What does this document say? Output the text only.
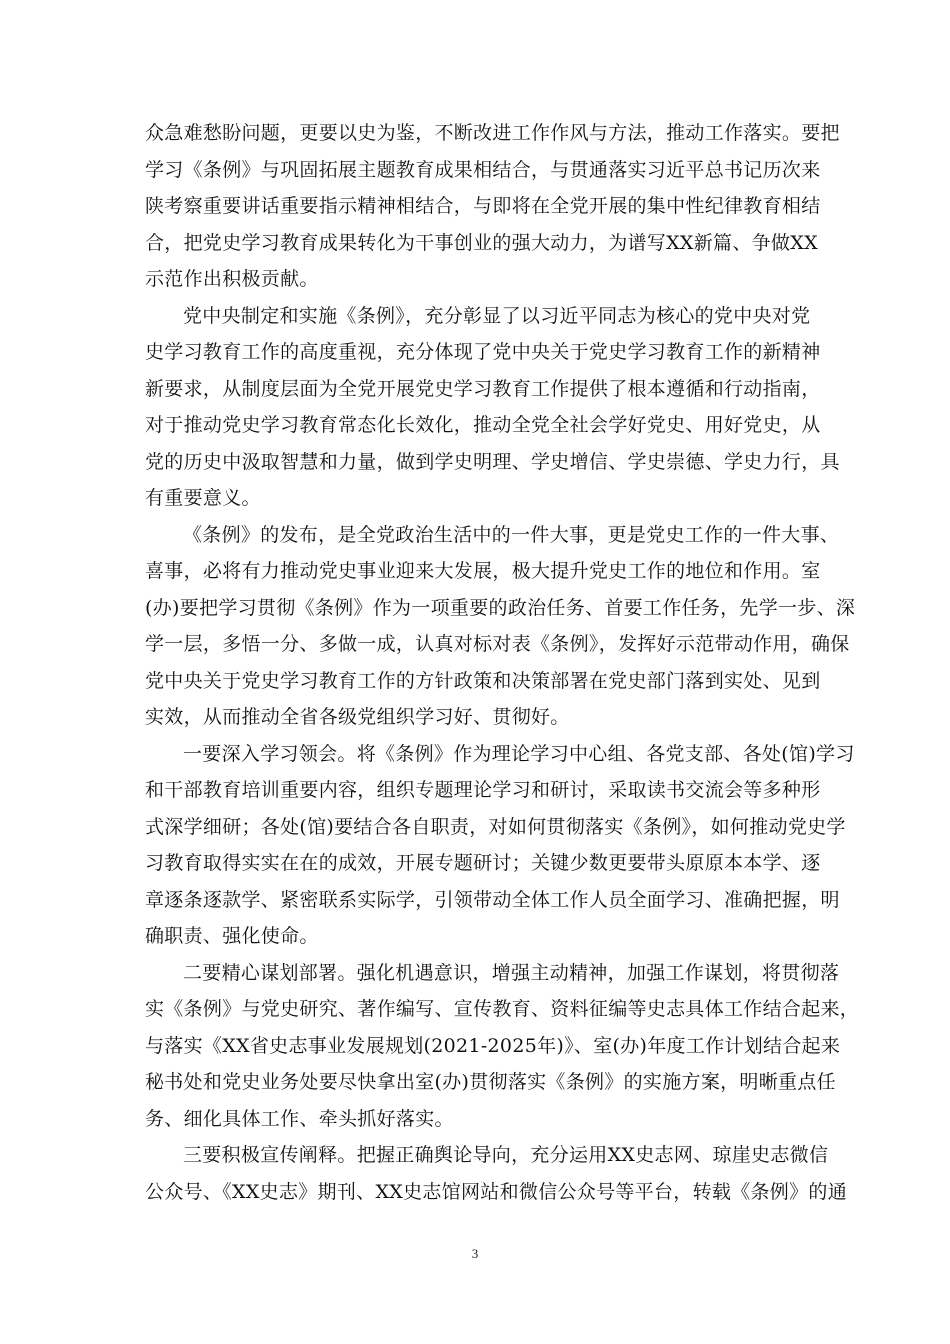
众急难愁盼问题，更要以史为鉴，不断改进工作作风与方法，推动工作落实。要把
学习《条例》与巩固拓展主题教育成果相结合，与贯通落实习近平总书记历次来
陕考察重要讲话重要指示精神相结合，与即将在全党开展的集中性纪律教育相结
合，把党史学习教育成果转化为干事创业的强大动力，为谱写XX新篇、争做XX
示范作出积极贡献。

党中央制定和实施《条例》，充分彰显了以习近平同志为核心的党中央对党
史学习教育工作的高度重视，充分体现了党中央关于党史学习教育工作的新精神
新要求，从制度层面为全党开展党史学习教育工作提供了根本遵循和行动指南，
对于推动党史学习教育常态化长效化，推动全党全社会学好党史、用好党史，从
党的历史中汲取智慧和力量，做到学史明理、学史增信、学史崇德、学史力行，具
有重要意义。

《条例》的发布，是全党政治生活中的一件大事，更是党史工作的一件大事、
喜事，必将有力推动党史事业迎来大发展，极大提升党史工作的地位和作用。室
(办)要把学习贯彻《条例》作为一项重要的政治任务、首要工作任务，先学一步、深
学一层，多悟一分、多做一成，认真对标对表《条例》，发挥好示范带动作用，确保
党中央关于党史学习教育工作的方针政策和决策部署在党史部门落到实处、见到
实效，从而推动全省各级党组织学习好、贯彻好。

一要深入学习领会。将《条例》作为理论学习中心组、各党支部、各处(馆)学习
和干部教育培训重要内容，组织专题理论学习和研讨，采取读书交流会等多种形
式深学细研；各处(馆)要结合各自职责，对如何贯彻落实《条例》，如何推动党史学
习教育取得实实在在的成效，开展专题研讨；关键少数更要带头原原本本学、逐
章逐条逐款学、紧密联系实际学，引领带动全体工作人员全面学习、准确把握，明
确职责、强化使命。

二要精心谋划部署。强化机遇意识，增强主动精神，加强工作谋划，将贯彻落
实《条例》与党史研究、著作编写、宣传教育、资料征编等史志具体工作结合起来，
与落实《XX省史志事业发展规划(2021-2025年)》、室(办)年度工作计划结合起来
秘书处和党史业务处要尽快拿出室(办)贯彻落实《条例》的实施方案，明晰重点任
务、细化具体工作、牵头抓好落实。

三要积极宣传阐释。把握正确舆论导向，充分运用XX史志网、琼崖史志微信
公众号、《XX史志》期刊、XX史志馆网站和微信公众号等平台，转载《条例》的通

3
